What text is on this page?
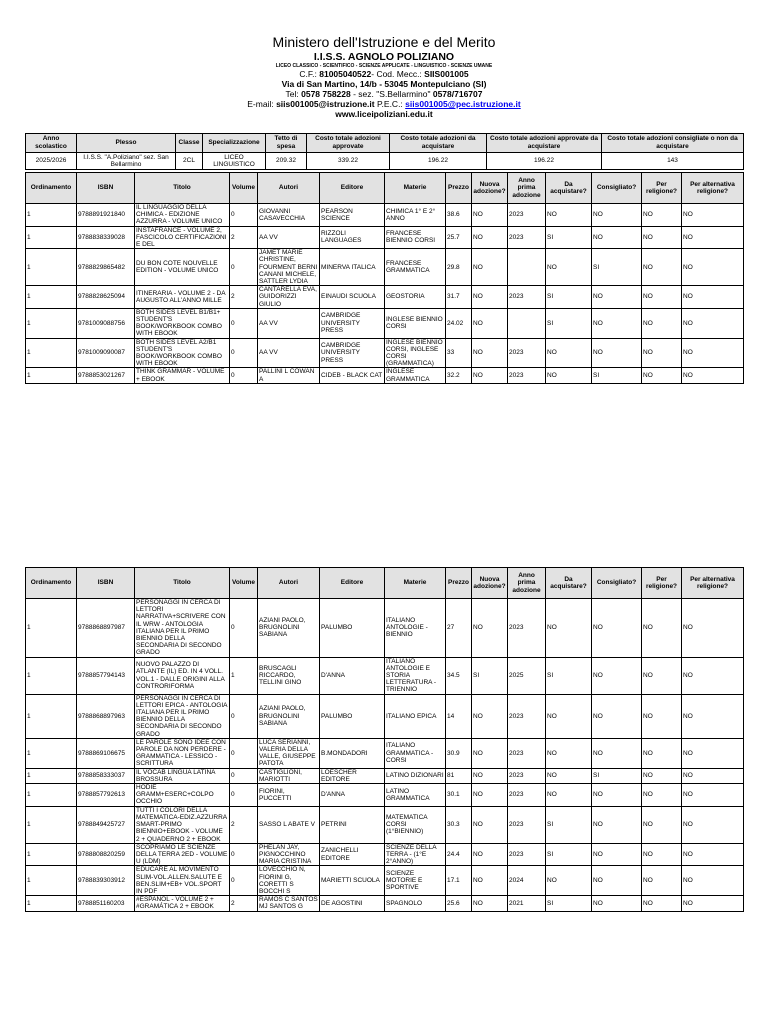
Ministero dell'Istruzione e del Merito
I.I.S.S. AGNOLO POLIZIANO
LICEO CLASSICO - SCIENTIFICO - SCIENZE APPLICATE - LINGUISTICO - SCIENZE UMANE
C.F.: 81005040522- Cod. Mecc.: SIIS001005
Via di San Martino, 14/b - 53045 Montepulciano (SI)
Tel: 0578 758228 - sez. "S.Bellarmino" 0578/716707
E-mail: siis001005@istruzione.it P.E.C.: siis001005@pec.istruzione.it
www.liceipoliziani.edu.it
Anno scolastico	Plesso	Classe	Specializzazione	Tetto di spesa	Costo totale adozioni approvate	Costo totale adozioni da acquistare	Costo totale adozioni approvate da acquistare	Costo totale adozioni consigliate o non da acquistare
2025/2026	I.I.S.S. "A.Poliziano" sez. San Bellarmino	2CL	LICEO LINGUISTICO	209.32	339.22	196.22	196.22	143
Ordinamento	ISBN	Titolo	Volume	Autori	Editore	Materie	Prezzo	Nuova adozione?	Anno prima adozione	Da acquistare?	Consigliato?	Per religione?	Per alternativa religione?
1	9788891921840	IL LINGUAGGIO DELLA CHIMICA - EDIZIONE AZZURRA - VOLUME UNICO	0	GIOVANNI CASAVECCHIA	PEARSON SCIENCE	CHIMICA 1° E 2° ANNO	38.6	NO	2023	NO	NO	NO	NO
1	9788838339028	INSTAFRANCE - VOLUME 2, FASCICOLO CERTIFICAZIONI E DEL	2	AA VV	RIZZOLI LANGUAGES	FRANCESE BIENNIO CORSI	25.7	NO	2023	SI	NO	NO	NO
1	9788829865482	DU BON COTE NOUVELLE EDITION - VOLUME UNICO	0	JAMET MARIE CHRISTINE, FOURMENT BERNI CANANI MICHELE, SATTLER LYDIA	MINERVA ITALICA	FRANCESE GRAMMATICA	29.8	NO		NO	SI	NO	NO
1	9788828625094	ITINERARIA - VOLUME 2 - DA AUGUSTO ALL'ANNO MILLE	2	CANTARELLA EVA, GUIDORIZZI GIULIO	EINAUDI SCUOLA	GEOSTORIA	31.7	NO	2023	SI	NO	NO	NO
1	9781009088756	BOTH SIDES LEVEL B1/B1+ STUDENT'S BOOK/WORKBOOK COMBO WITH EBOOK	0	AA VV	CAMBRIDGE UNIVERSITY PRESS	INGLESE BIENNIO CORSI	24.02	NO		SI	NO	NO	NO
1	9781009090087	BOTH SIDES LEVEL A2/B1 STUDENT'S BOOK/WORKBOOK COMBO WITH EBOOK	0	AA VV	CAMBRIDGE UNIVERSITY PRESS	INGLESE BIENNIO CORSI, INGLESE CORSI (GRAMMATICA)	33	NO	2023	NO	NO	NO	NO
1	9788853021267	THINK GRAMMAR - VOLUME + EBOOK	0	PALLINI L COWAN A	CIDEB - BLACK CAT	INGLESE GRAMMATICA	32.2	NO	2023	NO	SI	NO	NO
Ordinamento	ISBN	Titolo	Volume	Autori	Editore	Materie	Prezzo	Nuova adozione?	Anno prima adozione	Da acquistare?	Consigliato?	Per religione?	Per alternativa religione?
1	9788868897987	PERSONAGGI IN CERCA DI LETTORI NARRATIVA+SCRIVERE CON IL WRW - ANTOLOGIA ITALIANA PER IL PRIMO BIENNIO DELLA SECONDARIA DI SECONDO GRADO	0	AZIANI PAOLO, BRUGNOLINI SABIANA	PALUMBO	ITALIANO ANTOLOGIE - BIENNIO	27	NO	2023	NO	NO	NO	NO
1	9788857794143	NUOVO PALAZZO DI ATLANTE (IL) ED. IN 4 VOLL. VOL.1 - DALLE ORIGINI ALLA CONTRORIFORMA	1	BRUSCAGLI RICCARDO, TELLINI GINO	D'ANNA	ITALIANO ANTOLOGIE E STORIA LETTERATURA - TRIENNIO	34.5	SI	2025	SI	NO	NO	NO
1	9788868897963	PERSONAGGI IN CERCA DI LETTORI EPICA - ANTOLOGIA ITALIANA PER IL PRIMO BIENNIO DELLA SECONDARIA DI SECONDO GRADO	0	AZIANI PAOLO, BRUGNOLINI SABIANA	PALUMBO	ITALIANO EPICA	14	NO	2023	NO	NO	NO	NO
1	9788869106675	LE PAROLE SONO IDEE CON PAROLE DA NON PERDERE - GRAMMATICA - LESSICO - SCRITTURA	0	LUCA SERIANNI, VALERIA DELLA VALLE, GIUSEPPE PATOTA	B.MONDADORI	ITALIANO GRAMMATICA - CORSI	30.9	NO	2023	NO	NO	NO	NO
1	9788858333037	IL VOCAB LINGUA LATINA BROSSURA	0	CASTIGLIONI, MARIOTTI	LOESCHER EDITORE	LATINO DIZIONARI	81	NO	2023	NO	SI	NO	NO
1	9788857792613	HODIE GRAMM+ESERC+COLPO OCCHIO	0	FIORINI, PUCCETTI	D'ANNA	LATINO GRAMMATICA	30.1	NO	2023	NO	NO	NO	NO
1	9788849425727	TUTTI I COLORI DELLA MATEMATICA-EDIZ.AZZURRA SMART-PRIMO BIENNIO+EBOOK - VOLUME 2 + QUADERNO 2 + EBOOK	2	SASSO L ABATE V	PETRINI	MATEMATICA CORSI (1°BIENNIO)	30.3	NO	2023	SI	NO	NO	NO
1	9788808820259	SCOPRIAMO LE SCIENZE DELLA TERRA 2ED - VOLUME U (LDM)	0	PHELAN JAY, PIGNOCCHINO MARIA CRISTINA	ZANICHELLI EDITORE	SCIENZE DELLA TERRA - (1°E 2°ANNO)	24.4	NO	2023	SI	NO	NO	NO
1	9788839303912	EDUCARE AL MOVIMENTO SLIM-VOL.ALLEN.SALUTE E BEN.SLIM+EB+ VOL.SPORT IN PDF	0	LOVECCHIO N, FIORINI G, CORETTI S BOCCHI S	MARIETTI SCUOLA	SCIENZE MOTORIE E SPORTIVE	17.1	NO	2024	NO	NO	NO	NO
1	9788851160203	#ESPAÑOL - VOLUME 2 + #GRAMÁTICA 2 + EBOOK	2	RAMOS C SANTOS MJ SANTOS G	DE AGOSTINI	SPAGNOLO	25.6	NO	2021	SI	NO	NO	NO
